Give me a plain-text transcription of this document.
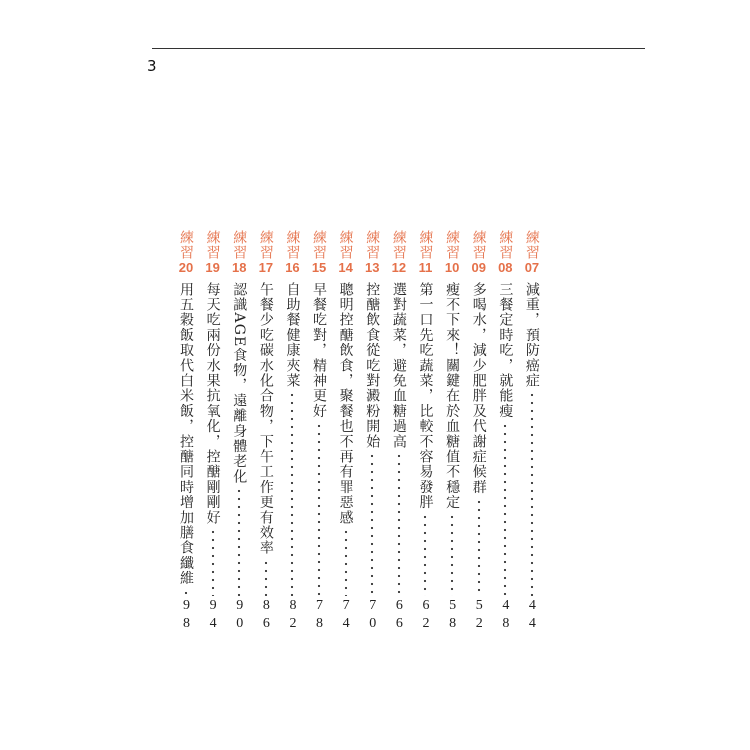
3
練習
07
減重，預防癌症
44
練習
08
三餐定時吃，就能瘦
48
練習
09
多喝水，減少肥胖及代謝症候群
52
練習
10
瘦不下來！關鍵在於血糖值不穩定
58
練習
11
第一口先吃蔬菜，比較不容易發胖
62
練習
12
選對蔬菜，避免血糖過高
66
練習
13
控醣飲食從吃對澱粉開始
70
練習
14
聰明控醣飲食，聚餐也不再有罪惡感
74
練習
15
早餐吃對，精神更好
78
練習
16
自助餐健康夾菜
82
練習
17
午餐少吃碳水化合物，下午工作更有效率
86
練習
18
認識AGE食物，遠離身體老化
90
練習
19
每天吃兩份水果抗氧化，控醣剛剛好
94
練習
20
用五穀飯取代白米飯，控醣同時增加膳食纖維
98
